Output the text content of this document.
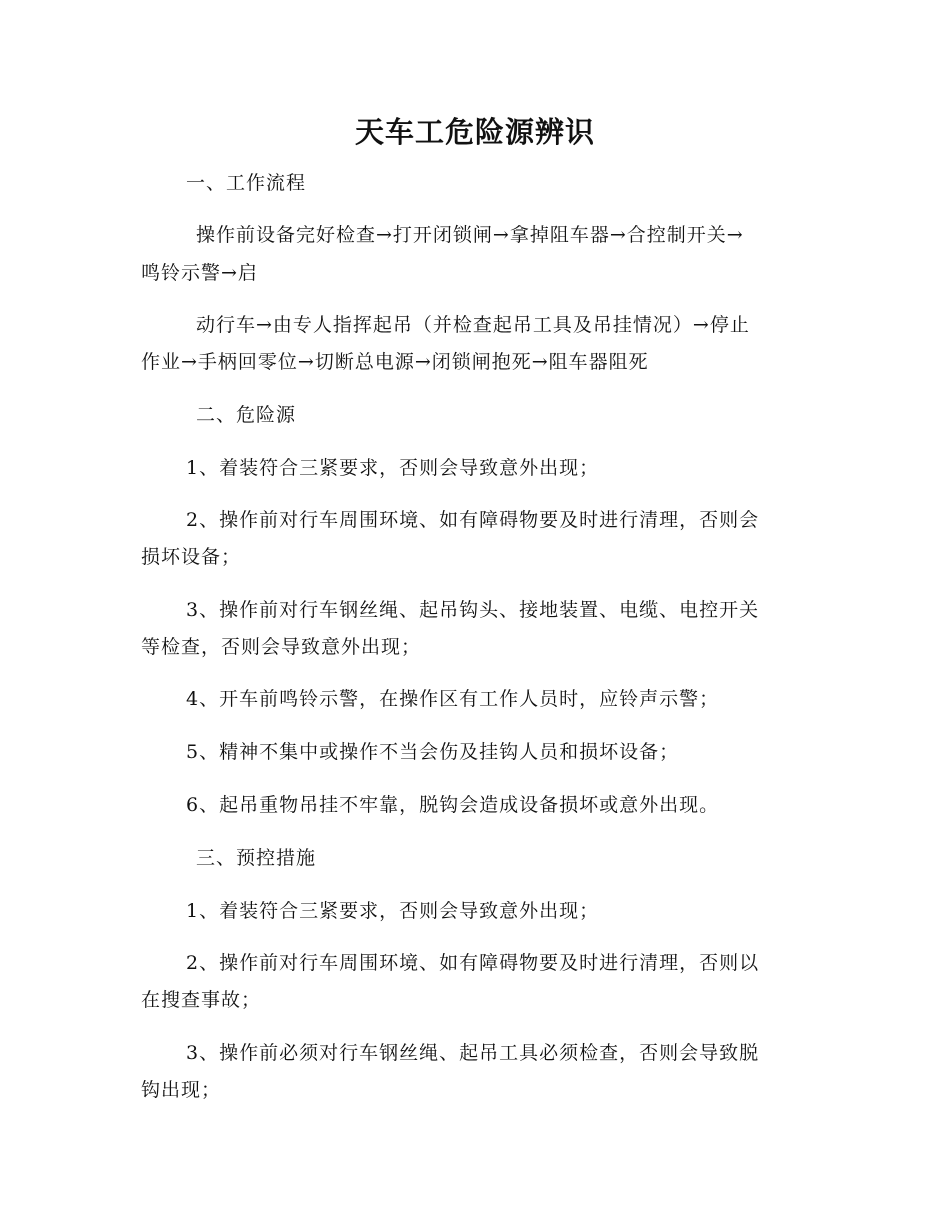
天车工危险源辨识
一、工作流程
操作前设备完好检查→打开闭锁闸→拿掉阻车器→合控制开关→
鸣铃示警→启
动行车→由专人指挥起吊（并检查起吊工具及吊挂情况）→停止
作业→手柄回零位→切断总电源→闭锁闸抱死→阻车器阻死
二、危险源
1、着装符合三紧要求，否则会导致意外出现；
2、操作前对行车周围环境、如有障碍物要及时进行清理，否则会
损坏设备；
3、操作前对行车钢丝绳、起吊钩头、接地装置、电缆、电控开关
等检查，否则会导致意外出现；
4、开车前鸣铃示警，在操作区有工作人员时，应铃声示警；
5、精神不集中或操作不当会伤及挂钩人员和损坏设备；
6、起吊重物吊挂不牢靠，脱钩会造成设备损坏或意外出现。
三、预控措施
1、着装符合三紧要求，否则会导致意外出现；
2、操作前对行车周围环境、如有障碍物要及时进行清理，否则以
在搜查事故；
3、操作前必须对行车钢丝绳、起吊工具必须检查，否则会导致脱
钩出现；
